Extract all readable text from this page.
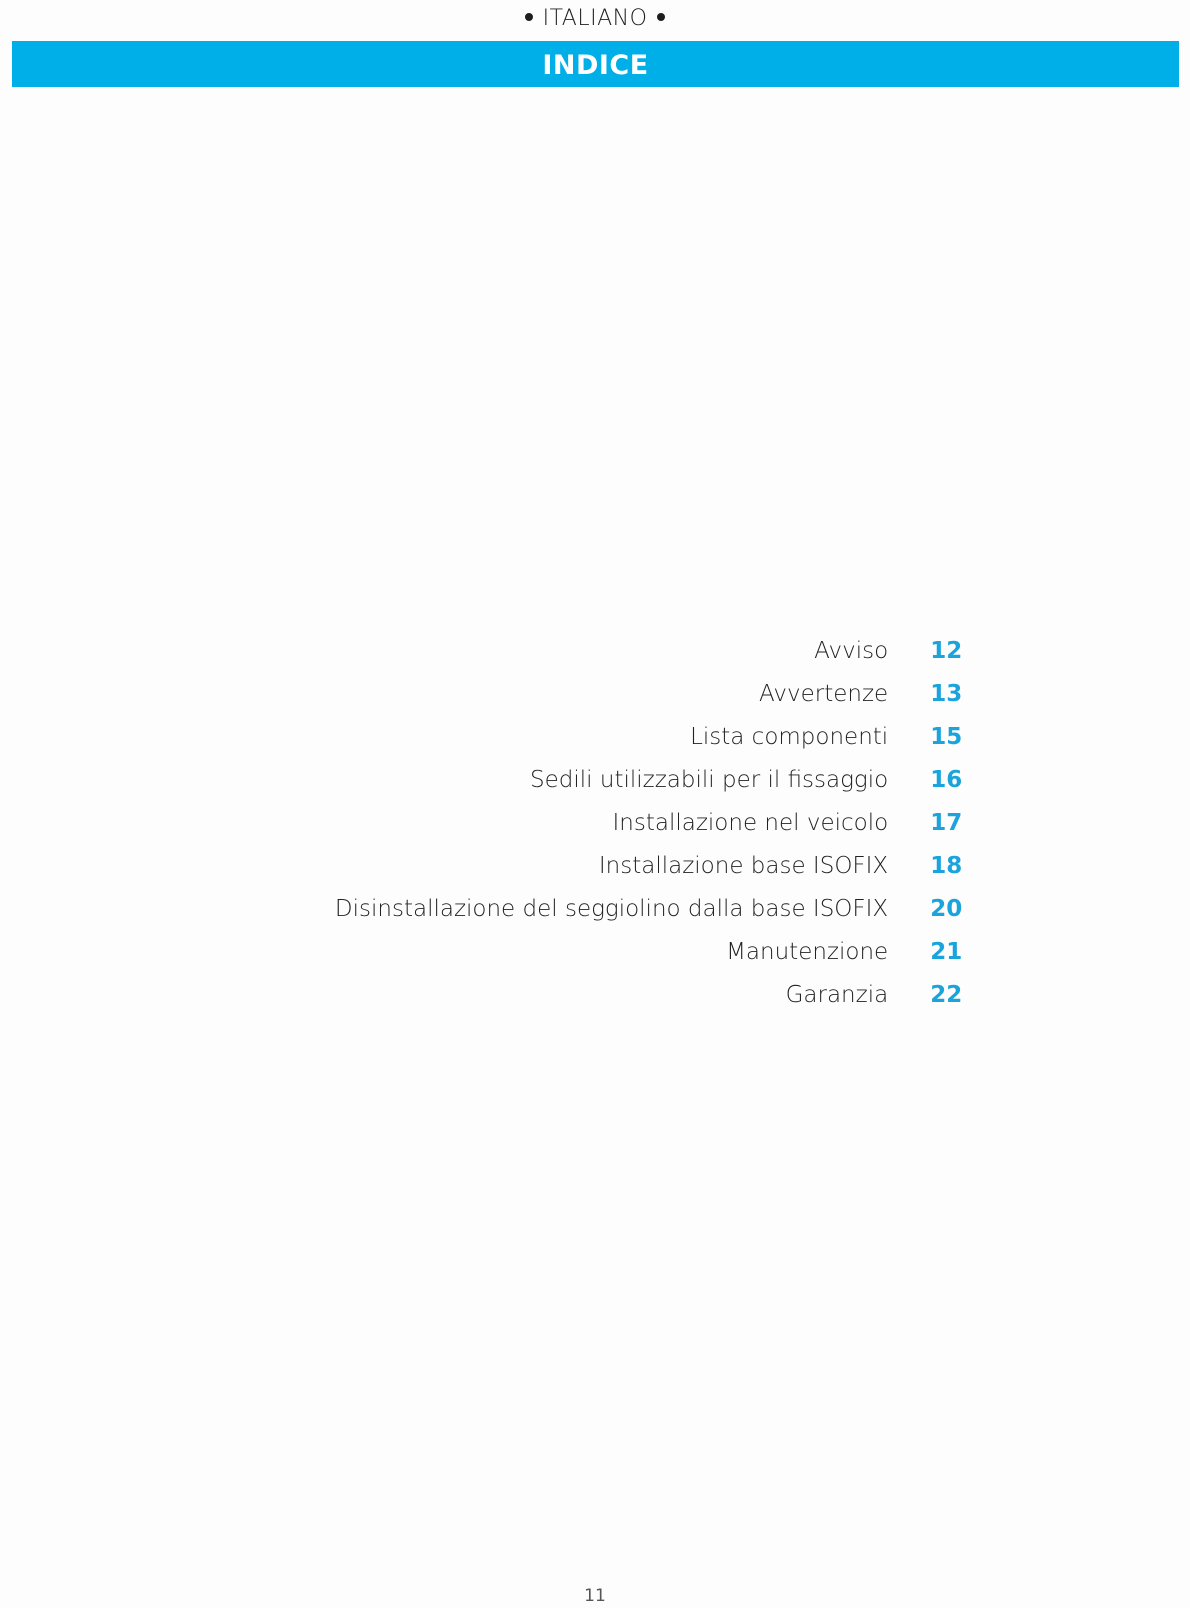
ITALIANO
INDICE
Avviso 12
Avvertenze 13
Lista componenti 15
Sedili utilizzabili per il fissaggio 16
Installazione nel veicolo 17
Installazione base ISOFIX 18
Disinstallazione del seggiolino dalla base ISOFIX 20
Manutenzione 21
Garanzia 22
11
